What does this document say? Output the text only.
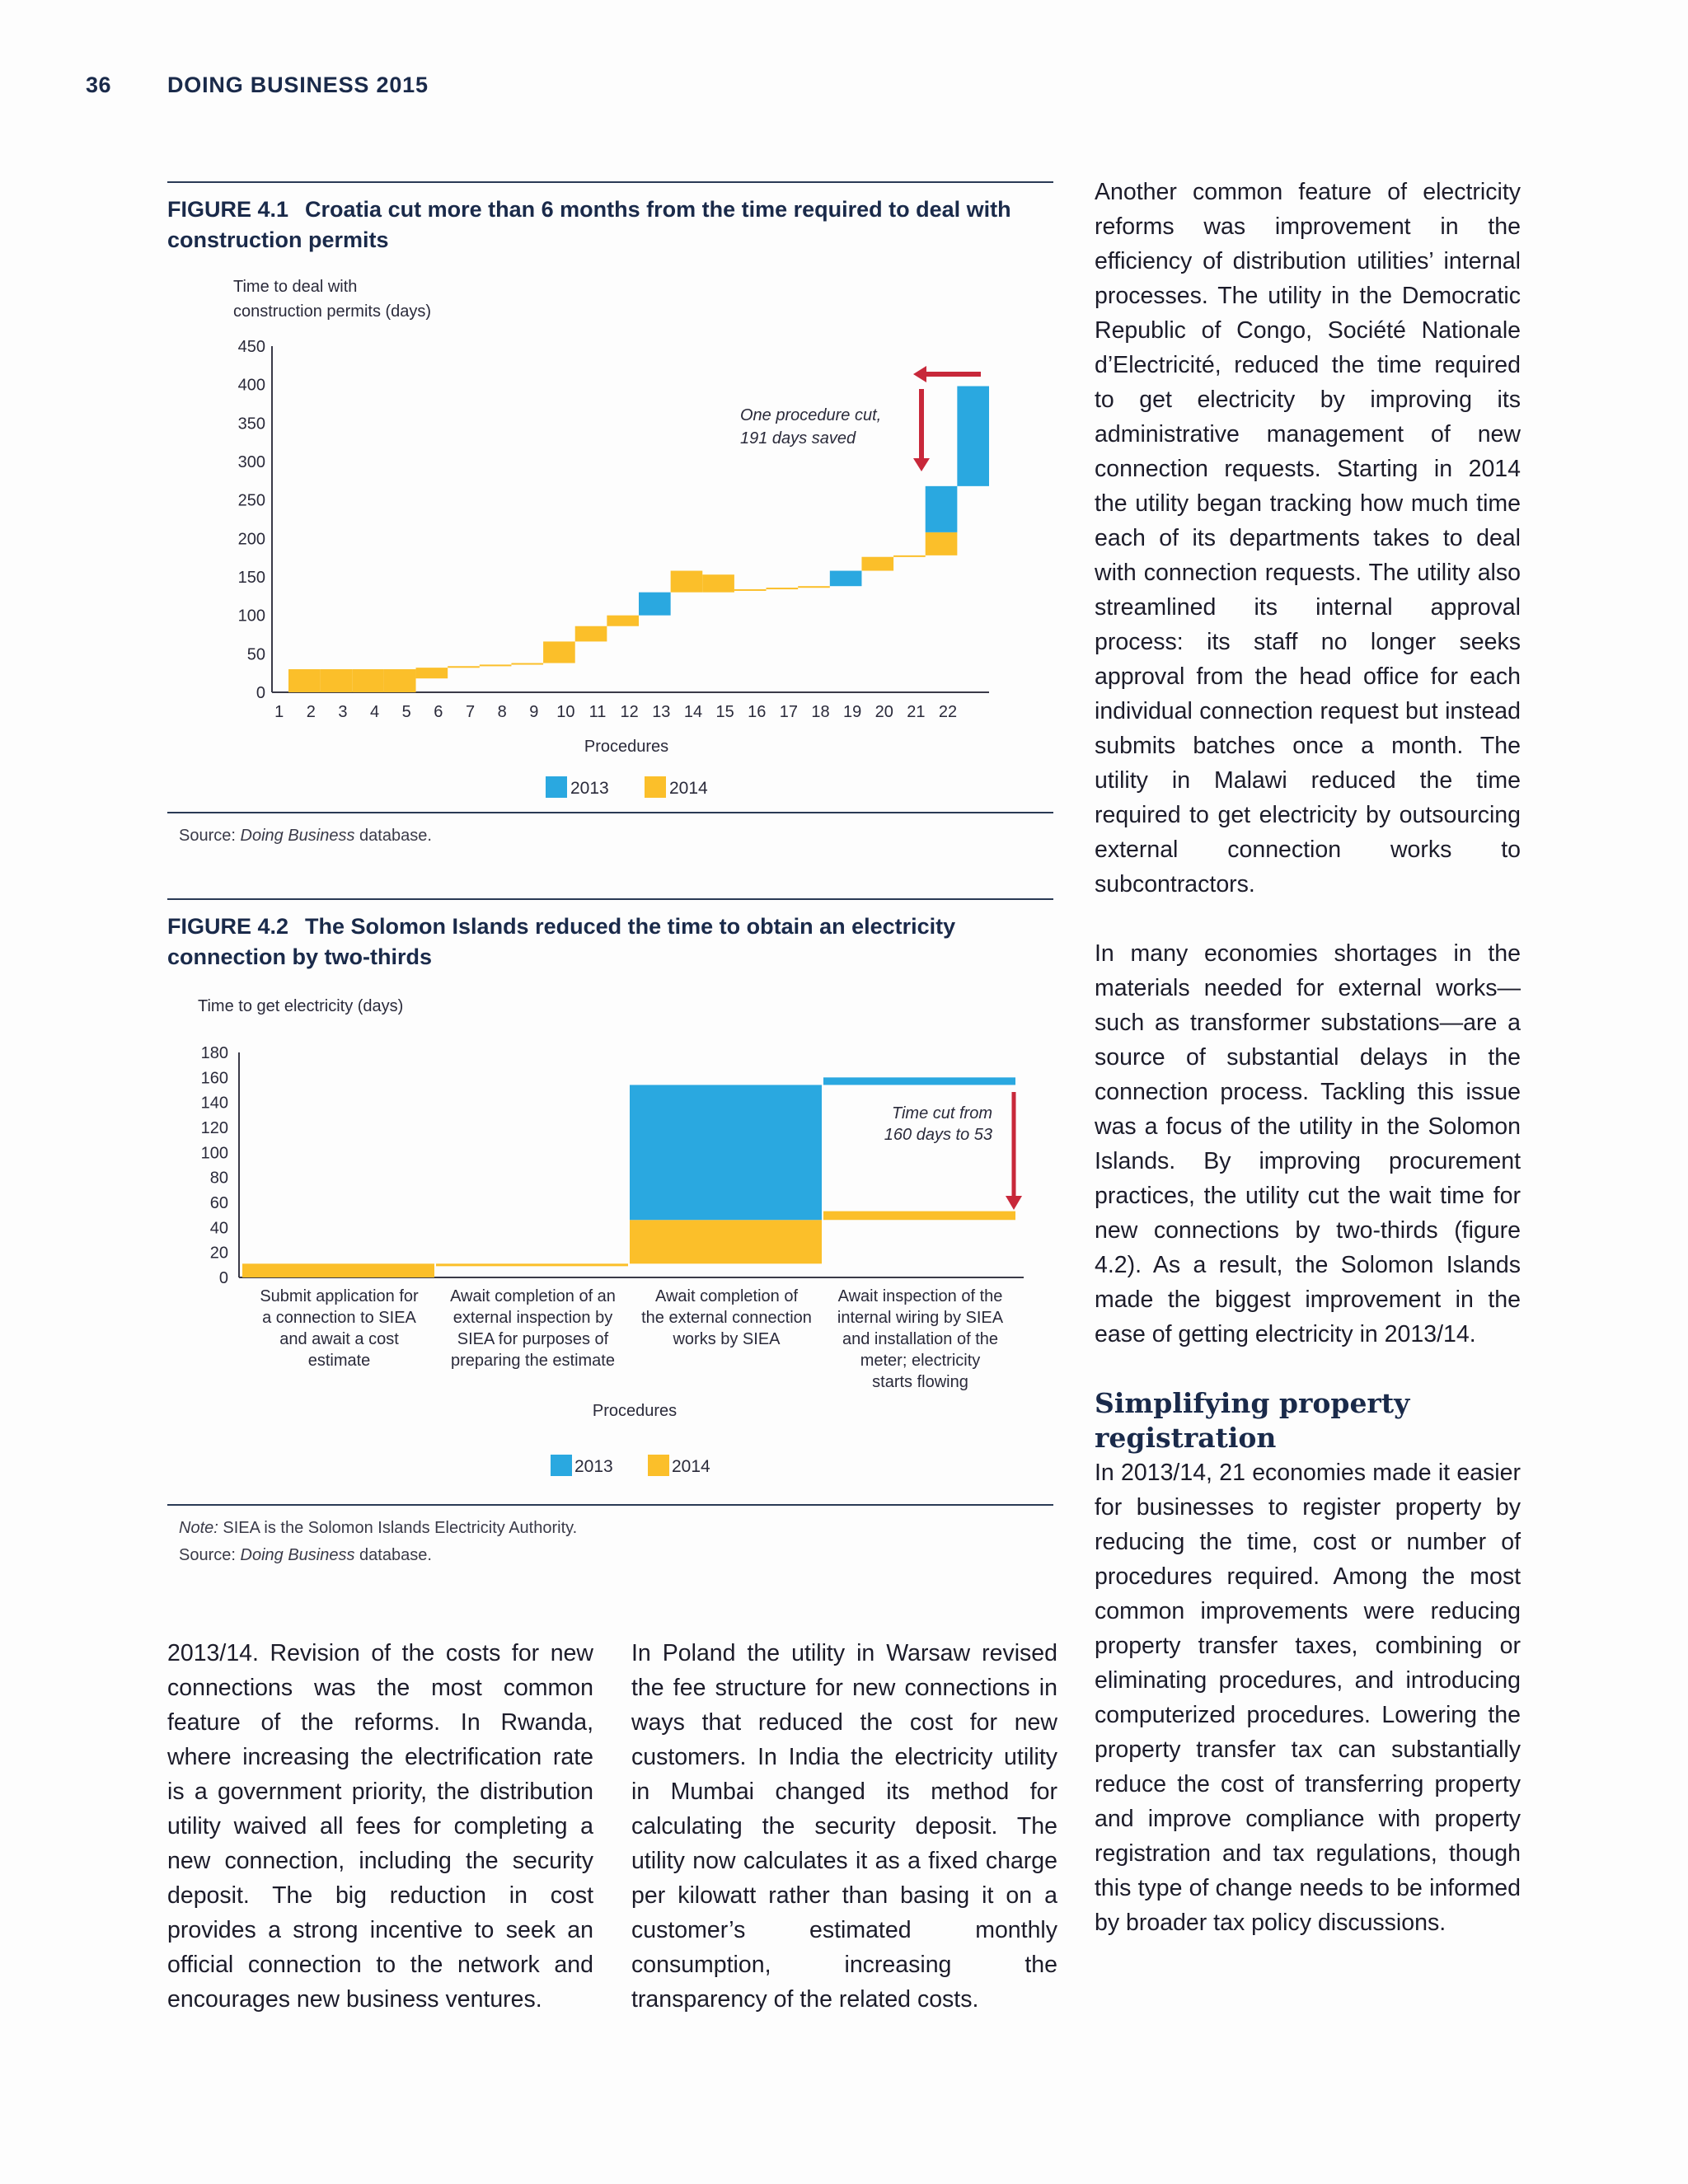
36	DOING BUSINESS 2015
FIGURE 4.1 Croatia cut more than 6 months from the time required to deal with construction permits
Time to deal with
construction permits (days)
0
50
100
150
200
250
300
350
400
450
1 2 3 4 5 6 7 8 9 10 11 12 13 14 15 16 17 18 19 20 21 22
Procedures
2013	2014
One procedure cut,
191 days saved
Source: Doing Business database.
FIGURE 4.2 The Solomon Islands reduced the time to obtain an electricity connection by two-thirds
Time to get electricity (days)
0
20
40
60
80
100
120
140
160
180
Submit application for
a connection to SIEA
and await a cost
estimate
Await completion of an
external inspection by
SIEA for purposes of
preparing the estimate
Await completion of
the external connection
works by SIEA
Await inspection of the
internal wiring by SIEA
and installation of the
meter; electricity
starts flowing
Procedures
2013	2014
Time cut from
160 days to 53
Note: SIEA is the Solomon Islands Electricity Authority.
Source: Doing Business database.

2013/14. Revision of the costs for new connections was the most common feature of the reforms. In Rwanda, where increasing the electrification rate is a government priority, the distribution utility waived all fees for completing a new connection, including the security deposit. The big reduction in cost provides a strong incentive to seek an official connection to the network and encourages new business ventures.

In Poland the utility in Warsaw revised the fee structure for new connections in ways that reduced the cost for new customers. In India the electricity utility in Mumbai changed its method for calculating the security deposit. The utility now calculates it as a fixed charge per kilowatt rather than basing it on a customer’s estimated monthly consumption, increasing the transparency of the related costs.

Another common feature of electricity reforms was improvement in the efficiency of distribution utilities’ internal processes. The utility in the Democratic Republic of Congo, Société Nationale d’Electricité, reduced the time required to get electricity by improving its administrative management of new connection requests. Starting in 2014 the utility began tracking how much time each of its departments takes to deal with connection requests. The utility also streamlined its internal approval process: its staff no longer seeks approval from the head office for each individual connection request but instead submits batches once a month. The utility in Malawi reduced the time required to get electricity by outsourcing external connection works to subcontractors.

In many economies shortages in the materials needed for external works—such as transformer substations—are a source of substantial delays in the connection process. Tackling this issue was a focus of the utility in the Solomon Islands. By improving procurement practices, the utility cut the wait time for new connections by two-thirds (figure 4.2). As a result, the Solomon Islands made the biggest improvement in the ease of getting electricity in 2013/14.

Simplifying property registration

In 2013/14, 21 economies made it easier for businesses to register property by reducing the time, cost or number of procedures required. Among the most common improvements were reducing property transfer taxes, combining or eliminating procedures, and introducing computerized procedures. Lowering the property transfer tax can substantially reduce the cost of transferring property and improve compliance with property registration and tax regulations, though this type of change needs to be informed by broader tax policy discussions.
